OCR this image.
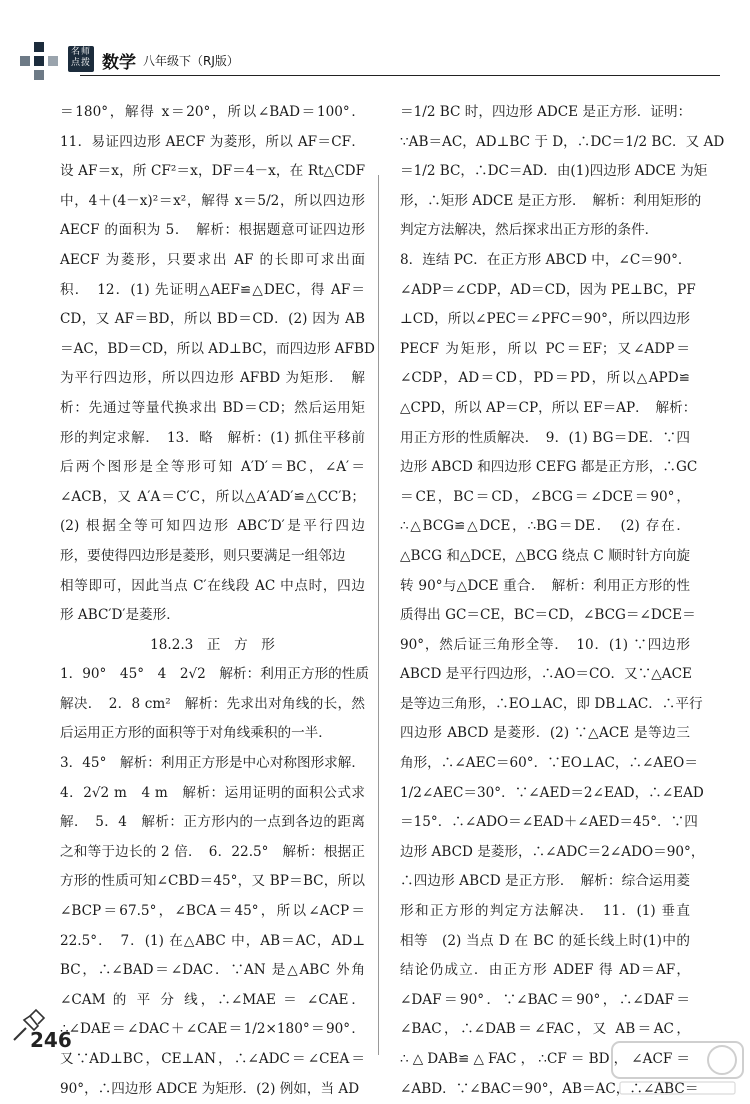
名师
点拨 数学 八年级下（RJ版）
＝180°，解得 x＝20°，所以∠BAD＝100°．
11．易证四边形 AECF 为菱形，所以 AF＝CF．
设 AF＝x，所 CF²＝x，DF＝4－x，在 Rt△CDF
中，4＋(4－x)²＝x²，解得 x＝5/2，所以四边形
AECF 的面积为 5．　解析：根据题意可证四边形
AECF 为菱形，只要求出 AF 的长即可求出面
积．　12．(1) 先证明△AEF≌△DEC，得 AF＝
CD，又 AF＝BD，所以 BD＝CD．(2) 因为 AB
＝AC，BD＝CD，所以 AD⊥BC，而四边形 AFBD
为平行四边形，所以四边形 AFBD 为矩形．　解
析：先通过等量代换求出 BD＝CD；然后运用矩
形的判定求解．　13．略　解析：(1) 抓住平移前
后两个图形是全等形可知 A′D′＝BC，∠A′＝
∠ACB，又 A′A＝C′C，所以△A′AD′≌△CC′B；
(2) 根据全等可知四边形 ABC′D′是平行四边
形，要使得四边形是菱形，则只要满足一组邻边
相等即可，因此当点 C′在线段 AC 中点时，四边
形 ABC′D′是菱形．
18.2.3　正　方　形
1．90°　45°　4　2√2　解析：利用正方形的性质
解决．　2．8 cm²　解析：先求出对角线的长，然
后运用正方形的面积等于对角线乘积的一半．
3．45°　解析：利用正方形是中心对称图形求解．
4．2√2 m　4 m　解析：运用证明的面积公式求
解．　5．4　解析：正方形内的一点到各边的距离
之和等于边长的 2 倍．　6．22.5°　解析：根据正
方形的性质可知∠CBD＝45°，又 BP＝BC，所以
∠BCP＝67.5°，∠BCA＝45°，所以∠ACP＝
22.5°．　7．(1) 在△ABC 中，AB＝AC，AD⊥
BC，∴∠BAD＝∠DAC．∵AN 是△ABC 外角
∠CAM 的 平 分 线，∴∠MAE ＝ ∠CAE．
∴∠DAE＝∠DAC＋∠CAE＝1/2×180°＝90°．
又∵AD⊥BC，CE⊥AN，∴∠ADC＝∠CEA＝
90°，∴四边形 ADCE 为矩形．(2) 例如，当 AD
＝1/2 BC 时，四边形 ADCE 是正方形．证明：
∵AB＝AC，AD⊥BC 于 D，∴DC＝1/2 BC．又 AD
＝1/2 BC，∴DC＝AD．由(1)四边形 ADCE 为矩
形，∴矩形 ADCE 是正方形．　解析：利用矩形的
判定方法解决，然后探求出正方形的条件．
8．连结 PC．在正方形 ABCD 中，∠C＝90°．
∠ADP＝∠CDP，AD＝CD，因为 PE⊥BC，PF
⊥CD，所以∠PEC＝∠PFC＝90°，所以四边形
PECF 为矩形，所以 PC＝EF；又∠ADP＝
∠CDP，AD＝CD，PD＝PD，所以△APD≌
△CPD，所以 AP＝CP，所以 EF＝AP．　解析：
用正方形的性质解决．　9．(1) BG＝DE．∵四
边形 ABCD 和四边形 CEFG 都是正方形，∴GC
＝CE，BC＝CD，∠BCG＝∠DCE＝90°，
∴△BCG≌△DCE，∴BG＝DE．　(2) 存在．
△BCG 和△DCE，△BCG 绕点 C 顺时针方向旋
转 90°与△DCE 重合．　解析：利用正方形的性
质得出 GC＝CE，BC＝CD，∠BCG＝∠DCE＝
90°，然后证三角形全等．　10．(1) ∵四边形
ABCD 是平行四边形，∴AO＝CO．又∵△ACE
是等边三角形，∴EO⊥AC，即 DB⊥AC．∴平行
四边形 ABCD 是菱形．(2) ∵△ACE 是等边三
角形，∴∠AEC＝60°．∵EO⊥AC，∴∠AEO＝
1/2∠AEC＝30°．∵∠AED＝2∠EAD，∴∠EAD
＝15°．∴∠ADO＝∠EAD＋∠AED＝45°．∵四
边形 ABCD 是菱形，∴∠ADC＝2∠ADO＝90°，
∴四边形 ABCD 是正方形．　解析：综合运用菱
形和正方形的判定方法解决．　11．(1) 垂直
相等　(2) 当点 D 在 BC 的延长线上时(1)中的
结论仍成立．由正方形 ADEF 得 AD＝AF，
∠DAF＝90°．∵∠BAC＝90°，∴∠DAF＝
∠BAC，∴∠DAB＝∠FAC，又 AB＝AC，
∴△DAB≌△FAC，∴CF＝BD，∠ACF＝
∠ABD．∵∠BAC＝90°，AB＝AC，∴∠ABC＝
246
